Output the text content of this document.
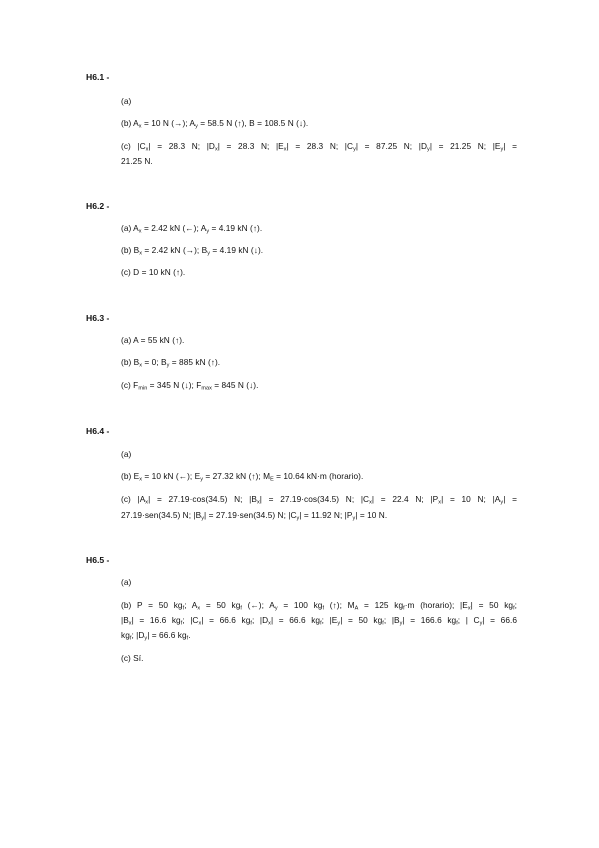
H6.1 -
(a)
(b) $A_x = 10$ N (→); $A_y = 58.5$ N (↑), B = 108.5 N (↓).
(c) $|C_x| = 28.3$ N; $|D_x| = 28.3$ N; $|E_x| = 28.3$ N; $|C_y| = 87.25$ N; $|D_y| = 21.25$ N; $|E_y|$ =
21.25 N.
H6.2 -
(a) $A_x = 2.42$ kN (←); $A_y = 4.19$ kN (↑).
(b) $B_x = 2.42$ kN (→); $B_y = 4.19$ kN (↓).
(c) D = 10 kN (↑).
H6.3 -
(a) A = 55 kN (↑).
(b) $B_x = 0$; $B_y = 885$ kN (↑).
(c) $F_{min} = 345$ N (↓); $F_{max} = 845$ N (↓).
H6.4 -
(a)
(b) $E_x = 10$ kN (←); $E_y = 27.32$ kN (↑); $M_E = 10.64$ kN·m (horario).
(c) $|A_x| = 27.19\cdot\cos(34.5)$ N; $|B_x| = 27.19\cdot\cos(34.5)$ N; $|C_x| = 22.4$ N; $|P_x| = 10$ N; $|A_y|$ =
27.19·sen(34.5) N; $|B_y| = 27.19\cdot sen(34.5)$ N; $|C_y| = 11.92$ N; $|P_y| = 10$ N.
H6.5 -
(a)
(b) P = 50 $kg_f$; $A_x = 50$ $kg_f$ (←); $A_y = 100$ $kg_f$ (↑); $M_A = 125$ $kg_f\cdot m$ (horario); $|E_x| = 50$ $kg_f$;
$|B_x| = 16.6$ $kg_f$; $|C_x| = 66.6$ $kg_f$; $|D_x| = 66.6$ $kg_f$; $|E_y| = 50$ $kg_f$; $|B_y| = 166.6$ $kg_f$; | $C_y| = 66.6$
$kg_f$; $|D_y| = 66.6$ $kg_f$.
(c) Sí.
